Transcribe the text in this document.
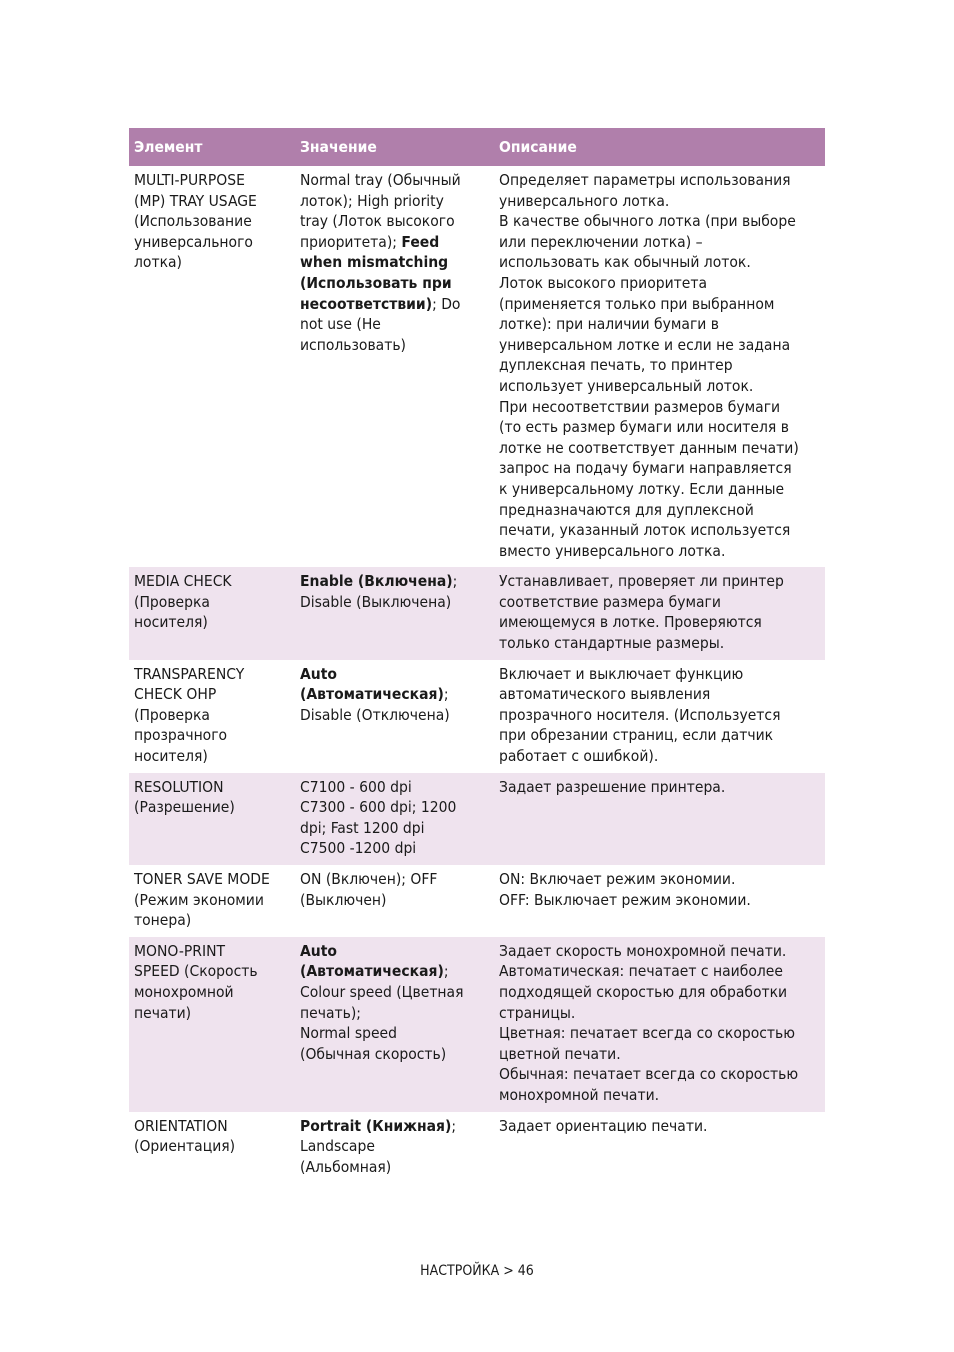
Элемент	Значение	Описание
MULTI-PURPOSE
(MP) TRAY USAGE
(Использование
универсального
лотка)
Normal tray (Обычный
лоток); High priority
tray (Лоток высокого
приоритета); Feed
when mismatching
(Использовать при
несоответствии); Do
not use (Не
использовать)
Определяет параметры использования
универсального лотка.
В качестве обычного лотка (при выборе
или переключении лотка) –
использовать как обычный лоток.
Лоток высокого приоритета
(применяется только при выбранном
лотке): при наличии бумаги в
универсальном лотке и если не задана
дуплексная печать, то принтер
использует универсальный лоток.
При несоответствии размеров бумаги
(то есть размер бумаги или носителя в
лотке не соответствует данным печати)
запрос на подачу бумаги направляется
к универсальному лотку. Если данные
предназначаются для дуплексной
печати, указанный лоток используется
вместо универсального лотка.
MEDIA CHECK
(Проверка
носителя)
Enable (Включена);
Disable (Выключена)
Устанавливает, проверяет ли принтер
соответствие размера бумаги
имеющемуся в лотке. Проверяются
только стандартные размеры.
TRANSPARENCY
CHECK OHP
(Проверка
прозрачного
носителя)
Auto
(Автоматическая);
Disable (Отключена)
Включает и выключает функцию
автоматического выявления
прозрачного носителя. (Используется
при обрезании страниц, если датчик
работает с ошибкой).
RESOLUTION
(Разрешение)
C7100 - 600 dpi
C7300 - 600 dpi; 1200
dpi; Fast 1200 dpi
C7500 -1200 dpi
Задает разрешение принтера.
TONER SAVE MODE
(Режим экономии
тонера)
ON (Включен); OFF
(Выключен)
ON: Включает режим экономии.
OFF: Выключает режим экономии.
MONO-PRINT
SPEED (Скорость
монохромной
печати)
Auto
(Автоматическая);
Colour speed (Цветная
печать);
Normal speed
(Обычная скорость)
Задает скорость монохромной печати.
Автоматическая: печатает с наиболее
подходящей скоростью для обработки
страницы.
Цветная: печатает всегда со скоростью
цветной печати.
Обычная: печатает всегда со скоростью
монохромной печати.
ORIENTATION
(Ориентация)
Portrait (Книжная);
Landscape
(Альбомная)
Задает ориентацию печати.
НАСТРОЙКА > 46
